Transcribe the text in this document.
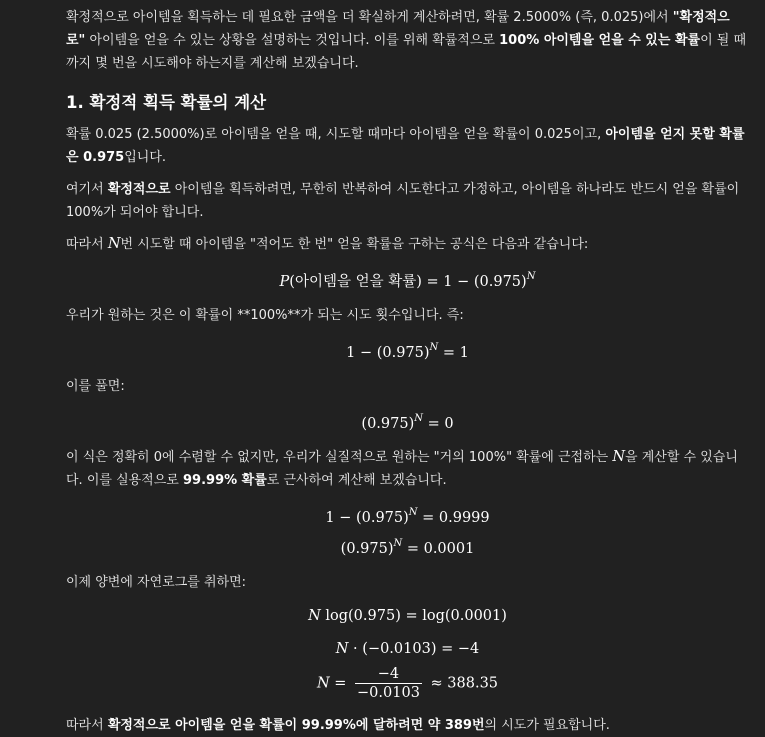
확정적으로 아이템을 획득하는 데 필요한 금액을 더 확실하게 계산하려면, 확률 2.5000% (즉, 0.025)에서 "확정적으로" 아이템을 얻을 수 있는 상황을 설명하는 것입니다. 이를 위해 확률적으로 100% 아이템을 얻을 수 있는 확률이 될 때까지 몇 번을 시도해야 하는지를 계산해 보겠습니다.

1. 확정적 획득 확률의 계산

확률 0.025 (2.5000%)로 아이템을 얻을 때, 시도할 때마다 아이템을 얻을 확률이 0.025이고, 아이템을 얻지 못할 확률은 0.975입니다.

여기서 확정적으로 아이템을 획득하려면, 무한히 반복하여 시도한다고 가정하고, 아이템을 하나라도 반드시 얻을 확률이 100%가 되어야 합니다.

따라서 N번 시도할 때 아이템을 "적어도 한 번" 얻을 확률을 구하는 공식은 다음과 같습니다:

P(아이템을 얻을 확률) = $1 - (0.975)^N$

우리가 원하는 것은 이 확률이 **100%**가 되는 시도 횟수입니다. 즉:

$1 - (0.975)^N = 1$

이를 풀면:

$(0.975)^N = 0$

이 식은 정확히 0에 수렴할 수 없지만, 우리가 실질적으로 원하는 "거의 100%" 확률에 근접하는 N을 계산할 수 있습니다. 이를 실용적으로 99.99% 확률로 근사하여 계산해 보겠습니다.

$1 - (0.975)^N = 0.9999$
$(0.975)^N = 0.0001$

이제 양변에 자연로그를 취하면:

N log(0.975) = log(0.0001)
N · (−0.0103) = −4
$N = \frac{-4}{-0.0103} \approx 388.35$

따라서 확정적으로 아이템을 얻을 확률이 99.99%에 달하려면 약 389번의 시도가 필요합니다.
